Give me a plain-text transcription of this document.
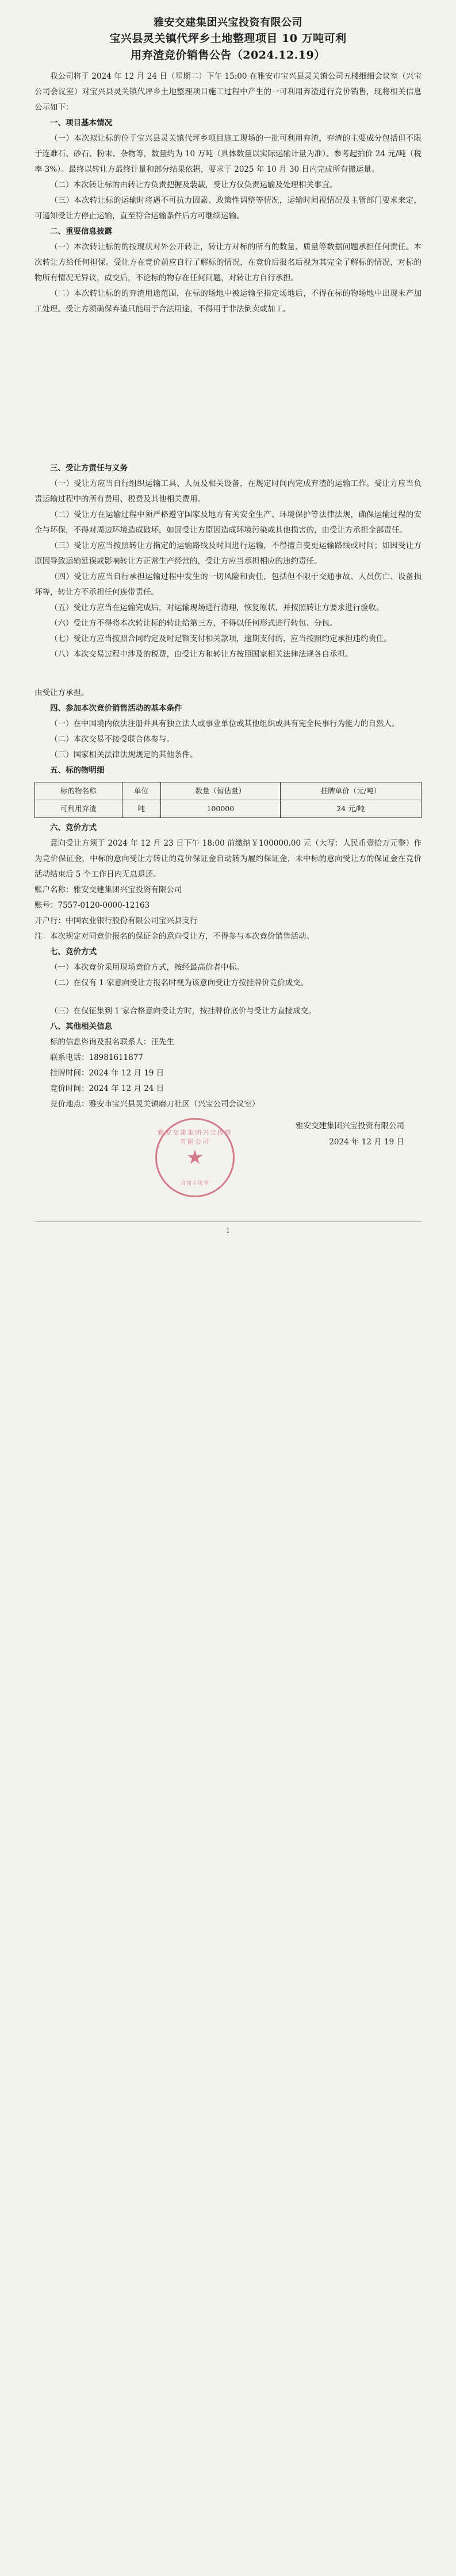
雅安交建集团兴宝投资有限公司
宝兴县灵关镇代坪乡土地整理项目 10 万吨可利
用弃渣竞价销售公告（2024.12.19）

我公司将于 2024 年 12 月 24 日（星期二）下午 15:00 在雅安市宝兴县灵关镇公司五楼细细会议室（兴宝公司会议室）对宝兴县灵关镇代坪乡土地整理项目施工过程中产生的一可利用弃渣进行竞价销售，现将相关信息公示如下：

一、项目基本情况

（一）本次拟让标的位于宝兴县灵关镇代坪乡项目施工现场的一批可利用弃渣，弃渣的主要成分包括但不限于连难石、砂石、粉末、杂物等，数量约为 10 万吨（具体数量以实际运输计量为准）。参考起拍价 24 元/吨（税率 3%）。最终以转让方最终计量和部分结果依据，要求于 2025 年 10 月 30 日内完成所有搬运量。

（二）本次转让标的由转让方负责把握及装载，受让方仅负责运输及处理相关事宜。

（三）本次转让标的运输时将遇不可抗力因素、政策性调整等情况，运输时间视情况及主管部门要求来定，可通知受让方停止运输，直至符合运输条件后方可继续运输。

二、重要信息披露

（一）本次转让标的的按现状对外公开转让，转让方对标的所有的数量、质量等数据问题承担任何责任。本次转让方给任何担保。受让方在竞价前应自行了解标的情况，在竞价后报名后视为其完全了解标的情况，对标的物所有情况无异议，成交后，不论标的物存在任何问题，对转让方自行承担。

（二）本次转让标的的弃渣用途范围，在标的场地中被运输至指定场地后，不得在标的物场地中出现未产加工处理。受让方须确保弃渣只能用于合法用途，不得用于非法倒卖或加工。

三、受让方责任与义务

（一）受让方应当自行组织运输工具、人员及相关设备，在规定时间内完成弃渣的运输工作。受让方应当负责运输过程中的所有费用、税费及其他相关费用。

（二）受让方在运输过程中须严格遵守国家及地方有关安全生产、环境保护等法律法规，确保运输过程的安全与环保，不得对周边环境造成破坏，如因受让方原因造成环境污染或其他损害的，由受让方承担全部责任。

（三）受让方应当按照转让方指定的运输路线及时间进行运输，不得擅自变更运输路线或时间；如因受让方原因导致运输延误或影响转让方正常生产经营的，受让方应当承担相应的违约责任。

（四）受让方应当自行承担运输过程中发生的一切风险和责任，包括但不限于交通事故、人员伤亡、设备损坏等，转让方不承担任何连带责任。

（五）受让方应当在运输完成后，对运输现场进行清理，恢复原状，并按照转让方要求进行验收。

（六）受让方不得将本次转让标的转让给第三方，不得以任何形式进行转包、分包。

（七）受让方应当按照合同约定及时足额支付相关款项，逾期支付的，应当按照约定承担违约责任。

（八）本次交易过程中涉及的税费，由受让方和转让方按照国家相关法律法规各自承担。

由受让方承担。

四、参加本次竞价销售活动的基本条件

（一）在中国境内依法注册并具有独立法人或事业单位或其他组织或具有完全民事行为能力的自然人。

（二）本次交易不接受联合体参与。

（三）国家相关法律法规规定的其他条件。

五、标的物明细

标的物名称	单位	数量（暂估量）	挂牌单价（元/吨）
可利用弃渣	吨	100000	24 元/吨

六、竞价方式

意向受让方须于 2024 年 12 月 23 日下午 18:00 前缴纳￥100000.00 元（大写：人民币壹拾万元整）作为竞价保证金，中标的意向受让方转让的竞价保证金自动转为履约保证金，未中标的意向受让方的保证金在竞价活动结束后 5 个工作日内无息退还。

账户名称：雅安交建集团兴宝投资有限公司

账号：7557-0120-0000-12163

开户行：中国农业银行股份有限公司宝兴县支行

注：本次规定对同竞价报名的保证金的意向受让方，不得参与本次竞价销售活动。

七、竞价方式

（一）本次竞价采用现场竞价方式，按经最高价者中标。

（二）在仅有 1 家意向受让方报名时视为该意向受让方按挂牌价竞价成交。

（三）在仅征集到 1 家合格意向受让方时，按挂牌价底价与受让方直接成交。

八、其他相关信息

标的信息咨询及报名联系人：汪先生

联系电话：18981611877

挂牌时间：2024 年 12 月 19 日

竞价时间：2024 年 12 月 24 日

竞价地点：雅安市宝兴县灵关镇磨刀社区（兴宝公司会议室）

雅安交建集团兴宝投资有限公司
★
合同专用章
雅安交建集团兴宝投资有限公司
2024 年 12 月 19 日
1
